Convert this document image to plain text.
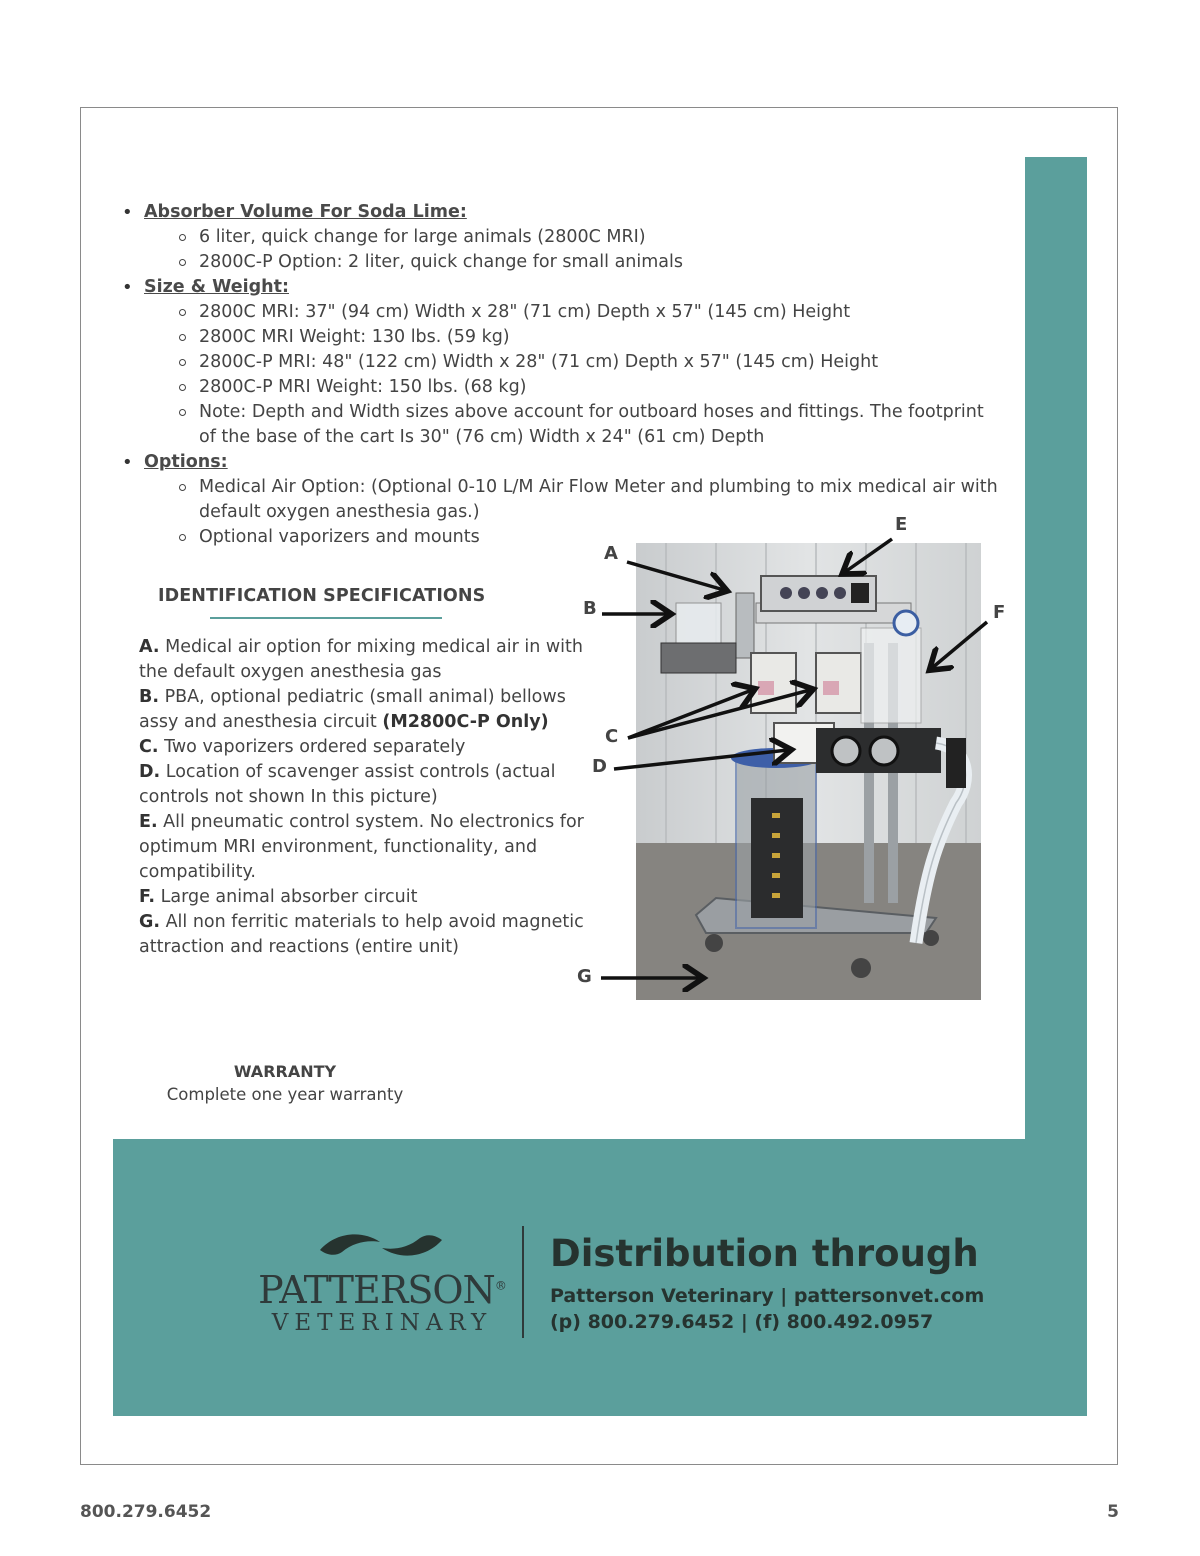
• Absorber Volume For Soda Lime:
6 liter, quick change for large animals (2800C MRI)
2800C-P Option: 2 liter, quick change for small animals
• Size & Weight:
2800C MRI: 37" (94 cm) Width x 28" (71 cm) Depth x 57" (145 cm) Height
2800C MRI Weight: 130 lbs. (59 kg)
2800C-P MRI: 48" (122 cm) Width x 28" (71 cm) Depth x 57" (145 cm) Height
2800C-P MRI Weight: 150 lbs. (68 kg)
Note: Depth and Width sizes above account for outboard hoses and fittings. The footprint of the base of the cart Is 30" (76 cm) Width x 24" (61 cm) Depth
• Options:
Medical Air Option: (Optional 0-10 L/M Air Flow Meter and plumbing to mix medical air with default oxygen anesthesia gas.)
Optional vaporizers and mounts
IDENTIFICATION SPECIFICATIONS

A. Medical air option for mixing medical air in with the default oxygen anesthesia gas

B. PBA, optional pediatric (small animal) bellows assy and anesthesia circuit (M2800C-P Only)

C. Two vaporizers ordered separately

D. Location of scavenger assist controls (actual controls not shown In this picture)

E. All pneumatic control system. No electronics for optimum MRI environment, functionality, and compatibility.

F. Large animal absorber circuit

G. All non ferritic materials to help avoid magnetic attraction and reactions (entire unit)

A
B
C
D
E
F
G
WARRANTY
Complete one year warranty
PATTERSON®
VETERINARY
Distribution through
Patterson Veterinary | pattersonvet.com
(p) 800.279.6452 | (f) 800.492.0957
800.279.6452	5
